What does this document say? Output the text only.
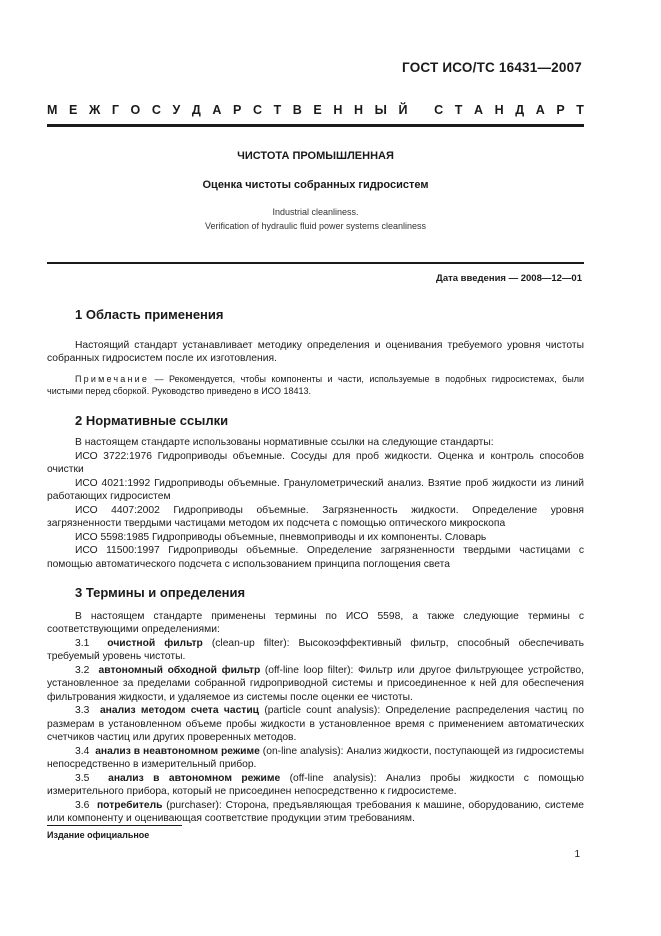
ГОСТ ИСО/ТС 16431—2007
М Е Ж Г О С У Д А Р С Т В Е Н Н Ы Й
С Т А Н Д А Р Т
ЧИСТОТА ПРОМЫШЛЕННАЯ
Оценка чистоты собранных гидросистем
Industrial cleanliness.
Verification of hydraulic fluid power systems cleanliness
Дата введения — 2008—12—01
1 Область применения

Настоящий стандарт устанавливает методику определения и оценивания требуемого уровня чистоты собранных гидросистем после их изготовления.

Примечание — Рекомендуется, чтобы компоненты и части, используемые в подобных гидросистемах, были чистыми перед сборкой. Руководство приведено в ИСО 18413.

2 Нормативные ссылки

В настоящем стандарте использованы нормативные ссылки на следующие стандарты:

ИСО 3722:1976 Гидроприводы объемные. Сосуды для проб жидкости. Оценка и контроль способов очистки

ИСО 4021:1992 Гидроприводы объемные. Гранулометрический анализ. Взятие проб жидкости из линий работающих гидросистем

ИСО 4407:2002 Гидроприводы объемные. Загрязненность жидкости. Определение уровня загрязненности твердыми частицами методом их подсчета с помощью оптического микроскопа

ИСО 5598:1985 Гидроприводы объемные, пневмоприводы и их компоненты. Словарь

ИСО 11500:1997 Гидроприводы объемные. Определение загрязненности твердыми частицами с помощью автоматического подсчета с использованием принципа поглощения света

3 Термины и определения

В настоящем стандарте применены термины по ИСО 5598, а также следующие термины с соответствующими определениями:

3.1 очистной фильтр (clean-up filter): Высокоэффективный фильтр, способный обеспечивать требуемый уровень чистоты.

3.2 автономный обходной фильтр (off-line loop filter): Фильтр или другое фильтрующее устройство, установленное за пределами собранной гидроприводной системы и присоединенное к ней для обеспечения фильтрования жидкости, и удаляемое из системы после оценки ее чистоты.

3.3 анализ методом счета частиц (particle count analysis): Определение распределения частиц по размерам в установленном объеме пробы жидкости в установленное время с применением автоматических счетчиков частиц или других проверенных методов.

3.4 анализ в неавтономном режиме (on-line analysis): Анализ жидкости, поступающей из гидросистемы непосредственно в измерительный прибор.

3.5 анализ в автономном режиме (off-line analysis): Анализ пробы жидкости с помощью измерительного прибора, который не присоединен непосредственно к гидросистеме.

3.6 потребитель (purchaser): Сторона, предъявляющая требования к машине, оборудованию, системе или компоненту и оценивающая соответствие продукции этим требованиям.

Издание официальное
1
